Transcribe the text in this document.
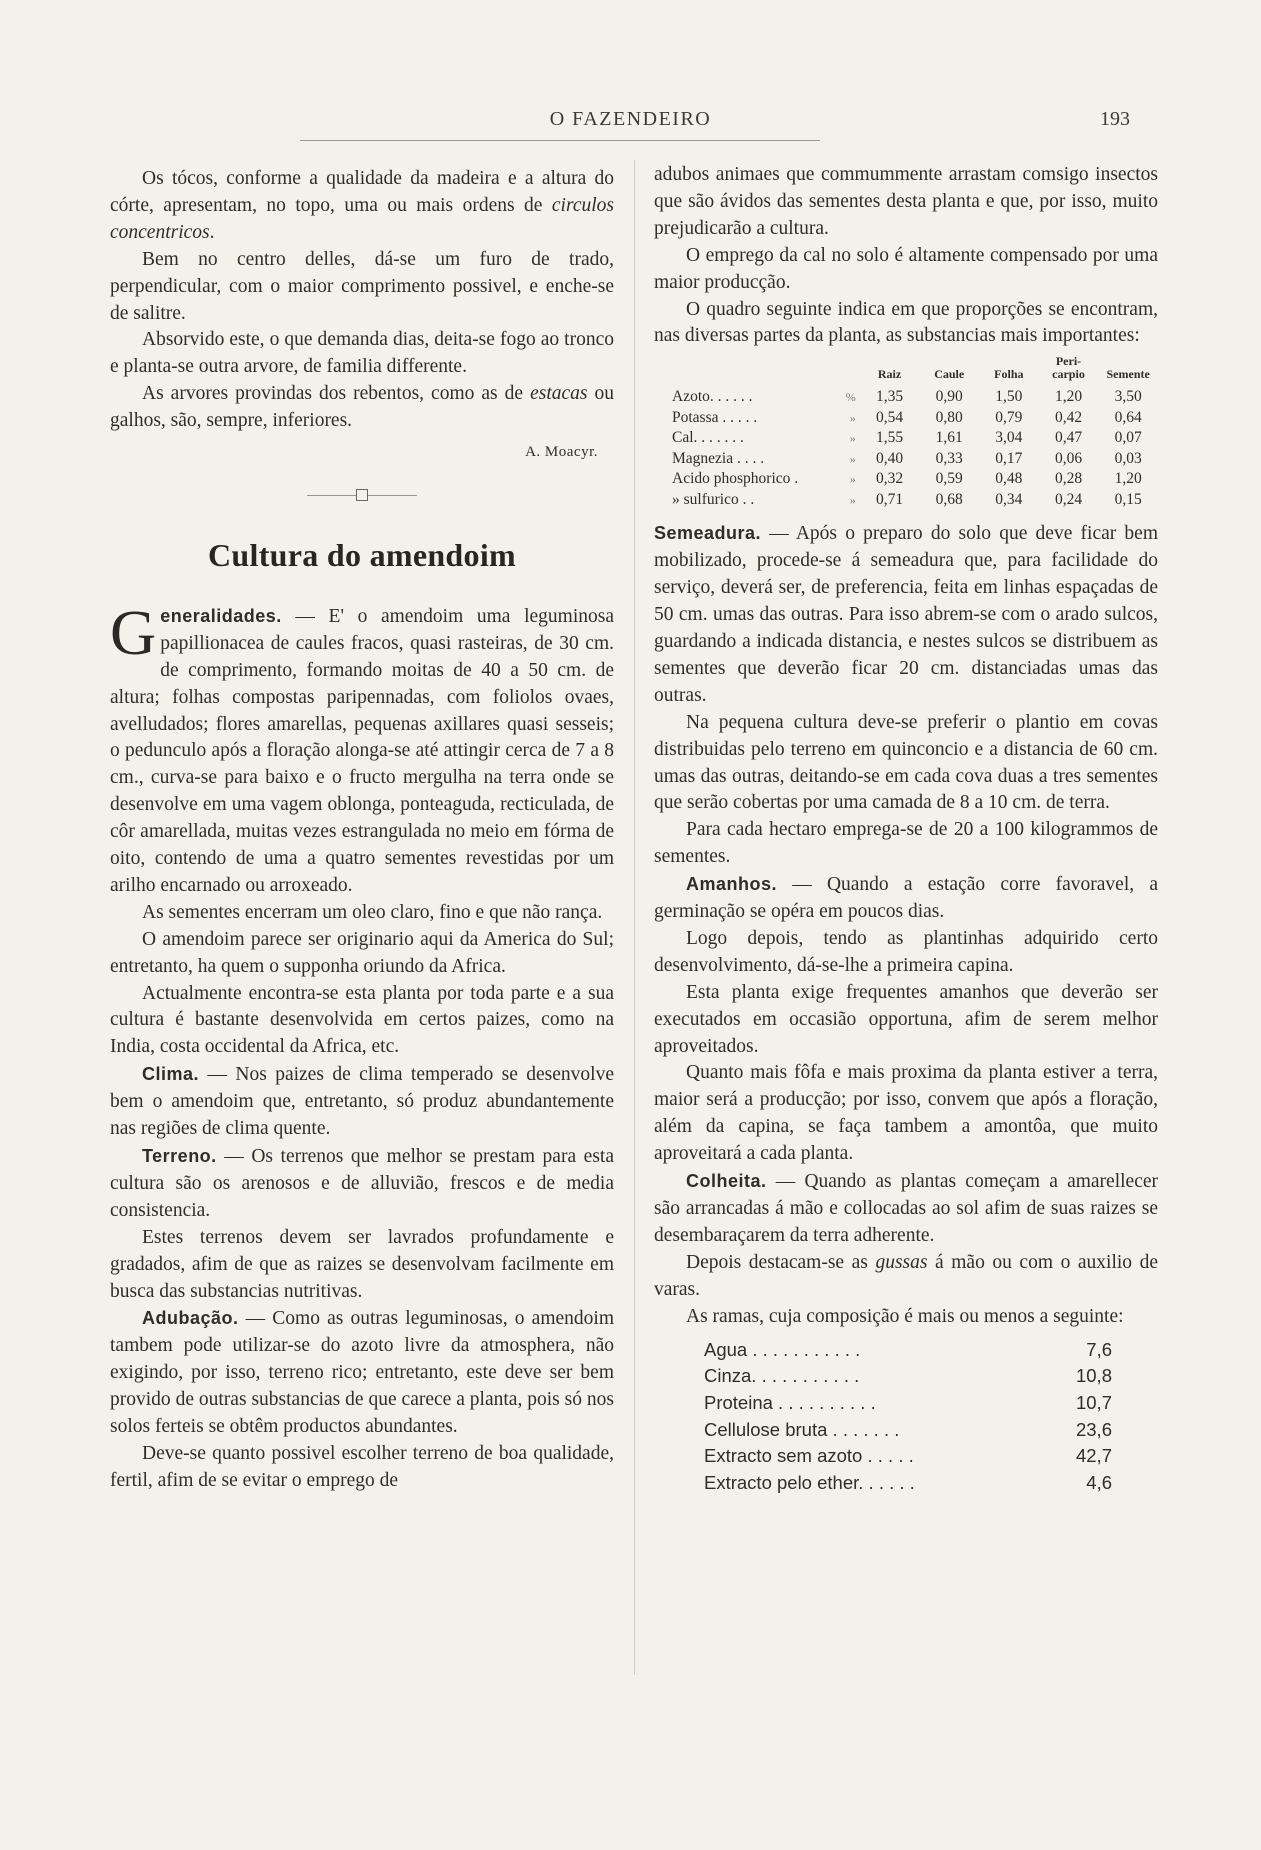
O FAZENDEIRO	193

Os tócos, conforme a qualidade da madeira e a altura do córte, apresentam, no topo, uma ou mais ordens de circulos concentricos.

Bem no centro delles, dá-se um furo de trado, perpendicular, com o maior comprimento possivel, e enche-se de salitre.

Absorvido este, o que demanda dias, deita-se fogo ao tronco e planta-se outra arvore, de familia differente.

As arvores provindas dos rebentos, como as de estacas ou galhos, são, sempre, inferiores.

A. Moacyr.
Cultura do amendoim

Generalidades. — E' o amendoim uma leguminosa papillionacea de caules fracos, quasi rasteiras, de 30 cm. de comprimento, formando moitas de 40 a 50 cm. de altura; folhas compostas paripennadas, com foliolos ovaes, avelludados; flores amarellas, pequenas axillares quasi sesseis; o pedunculo após a floração alonga-se até attingir cerca de 7 a 8 cm., curva-se para baixo e o fructo mergulha na terra onde se desenvolve em uma vagem oblonga, ponteaguda, recticulada, de côr amarellada, muitas vezes estrangulada no meio em fórma de oito, contendo de uma a quatro sementes revestidas por um arilho encarnado ou arroxeado.

As sementes encerram um oleo claro, fino e que não rança.

O amendoim parece ser originario aqui da America do Sul; entretanto, ha quem o supponha oriundo da Africa.

Actualmente encontra-se esta planta por toda parte e a sua cultura é bastante desenvolvida em certos paizes, como na India, costa occidental da Africa, etc.

Clima. — Nos paizes de clima temperado se desenvolve bem o amendoim que, entretanto, só produz abundantemente nas regiões de clima quente.

Terreno. — Os terrenos que melhor se prestam para esta cultura são os arenosos e de alluvião, frescos e de media consistencia.

Estes terrenos devem ser lavrados profundamente e gradados, afim de que as raizes se desenvolvam facilmente em busca das substancias nutritivas.

Adubação. — Como as outras leguminosas, o amendoim tambem pode utilizar-se do azoto livre da atmosphera, não exigindo, por isso, terreno rico; entretanto, este deve ser bem provido de outras substancias de que carece a planta, pois só nos solos ferteis se obtêm productos abundantes.

Deve-se quanto possivel escolher terreno de boa qualidade, fertil, afim de se evitar o emprego de

adubos animaes que commummente arrastam comsigo insectos que são ávidos das sementes desta planta e que, por isso, muito prejudicarão a cultura.

O emprego da cal no solo é altamente compensado por uma maior producção.

O quadro seguinte indica em que proporções se encontram, nas diversas partes da planta, as substancias mais importantes:

		Raiz	Caule	Folha	Peri-carpio	Semente
Azoto. . . . . .	%	1,35	0,90	1,50	1,20	3,50
Potassa . . . . .	»	0,54	0,80	0,79	0,42	0,64
Cal. . . . . . .	»	1,55	1,61	3,04	0,47	0,07
Magnezia . . . .	»	0,40	0,33	0,17	0,06	0,03
Acido phosphorico .	»	0,32	0,59	0,48	0,28	1,20
» sulfurico . .	»	0,71	0,68	0,34	0,24	0,15

Semeadura. — Após o preparo do solo que deve ficar bem mobilizado, procede-se á semeadura que, para facilidade do serviço, deverá ser, de preferencia, feita em linhas espaçadas de 50 cm. umas das outras. Para isso abrem-se com o arado sulcos, guardando a indicada distancia, e nestes sulcos se distribuem as sementes que deverão ficar 20 cm. distanciadas umas das outras.

Na pequena cultura deve-se preferir o plantio em covas distribuidas pelo terreno em quinconcio e a distancia de 60 cm. umas das outras, deitando-se em cada cova duas a tres sementes que serão cobertas por uma camada de 8 a 10 cm. de terra.

Para cada hectaro emprega-se de 20 a 100 kilogrammos de sementes.

Amanhos. — Quando a estação corre favoravel, a germinação se opéra em poucos dias.

Logo depois, tendo as plantinhas adquirido certo desenvolvimento, dá-se-lhe a primeira capina.

Esta planta exige frequentes amanhos que deverão ser executados em occasião opportuna, afim de serem melhor aproveitados.

Quanto mais fôfa e mais proxima da planta estiver a terra, maior será a producção; por isso, convem que após a floração, além da capina, se faça tambem a amontôa, que muito aproveitará a cada planta.

Colheita. — Quando as plantas começam a amarellecer são arrancadas á mão e collocadas ao sol afim de suas raizes se desembaraçarem da terra adherente.

Depois destacam-se as gussas á mão ou com o auxilio de varas.

As ramas, cuja composição é mais ou menos a seguinte:

Agua . . . . . . . . . . .	7,6
Cinza. . . . . . . . . . .	10,8
Proteina . . . . . . . . . .	10,7
Cellulose bruta . . . . . . .	23,6
Extracto sem azoto . . . . .	42,7
Extracto pelo ether. . . . . .	4,6
